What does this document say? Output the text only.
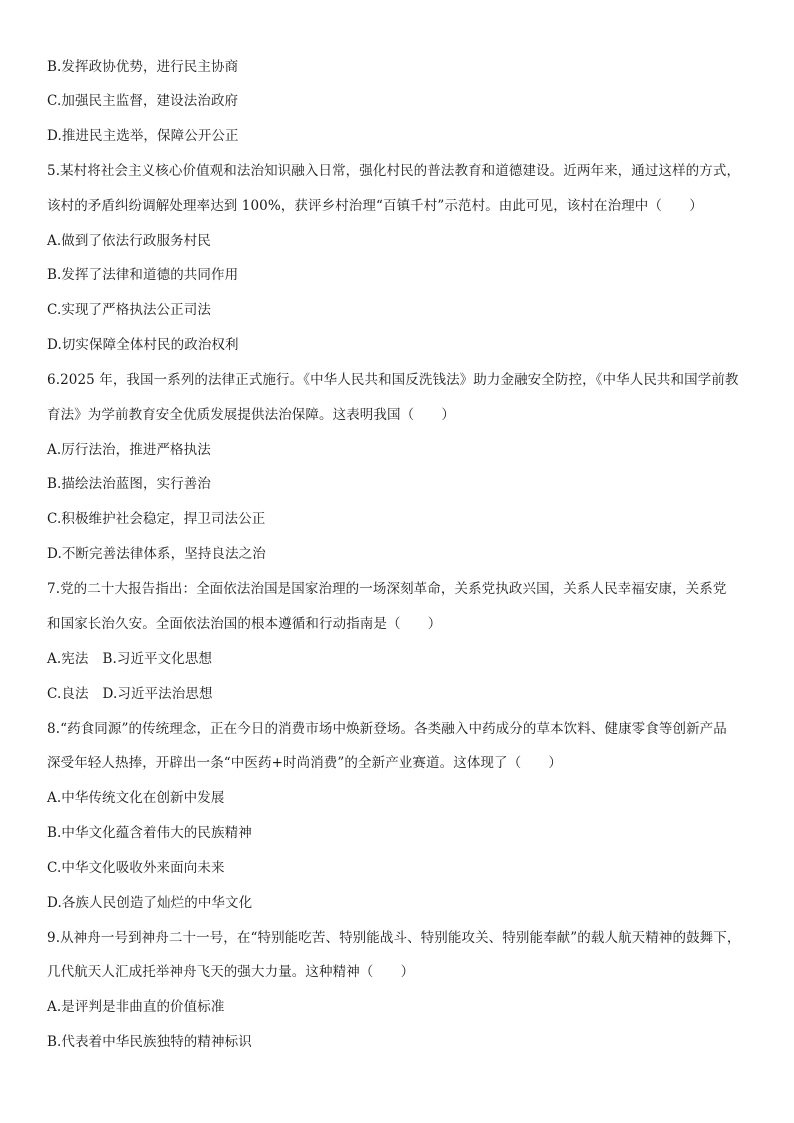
B.发挥政协优势，进行民主协商
C.加强民主监督，建设法治政府
D.推进民主选举，保障公开公正
5.某村将社会主义核心价值观和法治知识融入日常，强化村民的普法教育和道德建设。近两年来，通过这样的方式，
该村的矛盾纠纷调解处理率达到 100%，获评乡村治理“百镇千村”示范村。由此可见，该村在治理中（　　）
A.做到了依法行政服务村民
B.发挥了法律和道德的共同作用
C.实现了严格执法公正司法
D.切实保障全体村民的政治权利
6.2025 年，我国一系列的法律正式施行。《中华人民共和国反洗钱法》助力金融安全防控，《中华人民共和国学前教
育法》为学前教育安全优质发展提供法治保障。这表明我国（　　）
A.厉行法治，推进严格执法
B.描绘法治蓝图，实行善治
C.积极维护社会稳定，捍卫司法公正
D.不断完善法律体系，坚持良法之治
7.党的二十大报告指出：全面依法治国是国家治理的一场深刻革命，关系党执政兴国，关系人民幸福安康，关系党
和国家长治久安。全面依法治国的根本遵循和行动指南是（　　）
A.宪法 B.习近平文化思想
C.良法 D.习近平法治思想
8.“药食同源”的传统理念，正在今日的消费市场中焕新登场。各类融入中药成分的草本饮料、健康零食等创新产品
深受年轻人热捧，开辟出一条“中医药+时尚消费”的全新产业赛道。这体现了（　　）
A.中华传统文化在创新中发展
B.中华文化蕴含着伟大的民族精神
C.中华文化吸收外来面向未来
D.各族人民创造了灿烂的中华文化
9.从神舟一号到神舟二十一号，在“特别能吃苦、特别能战斗、特别能攻关、特别能奉献”的载人航天精神的鼓舞下，
几代航天人汇成托举神舟飞天的强大力量。这种精神（　　）
A.是评判是非曲直的价值标准
B.代表着中华民族独特的精神标识
